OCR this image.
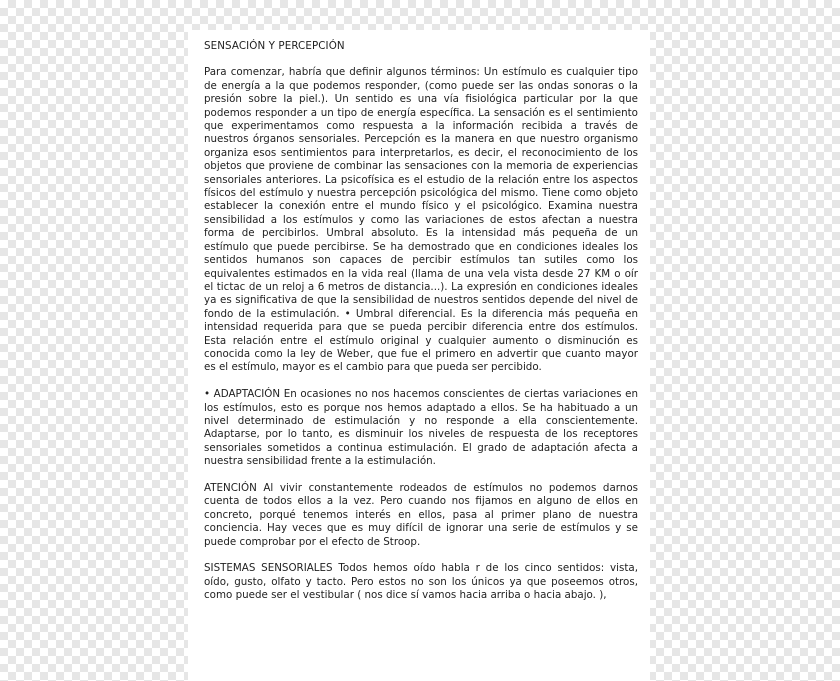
SENSACIÓN Y PERCEPCIÓN

Para comenzar, habría que definir algunos términos: Un estímulo es cualquier tipo de energía a la que podemos responder, (como puede ser las ondas sonoras o la presión sobre la piel.). Un sentido es una vía fisiológica particular por la que podemos responder a un tipo de energía específica. La sensación es el sentimiento que experimentamos como respuesta a la información recibida a través de nuestros órganos sensoriales. Percepción es la manera en que nuestro organismo organiza esos sentimientos para interpretarlos, es decir, el reconocimiento de los objetos que proviene de combinar las sensaciones con la memoria de experiencias sensoriales anteriores. La psicofísica es el estudio de la relación entre los aspectos físicos del estímulo y nuestra percepción psicológica del mismo. Tiene como objeto establecer la conexión entre el mundo físico y el psicológico. Examina nuestra sensibilidad a los estímulos y como las variaciones de estos afectan a nuestra forma de percibirlos. Umbral absoluto. Es la intensidad más pequeña de un estímulo que puede percibirse. Se ha demostrado que en condiciones ideales los sentidos humanos son capaces de percibir estímulos tan sutiles como los equivalentes estimados en la vida real (llama de una vela vista desde 27 KM o oír el tictac de un reloj a 6 metros de distancia...). La expresión en condiciones ideales ya es significativa de que la sensibilidad de nuestros sentidos depende del nivel de fondo de la estimulación. • Umbral diferencial. Es la diferencia más pequeña en intensidad requerida para que se pueda percibir diferencia entre dos estímulos. Esta relación entre el estímulo original y cualquier aumento o disminución es conocida como la ley de Weber, que fue el primero en advertir que cuanto mayor es el estímulo, mayor es el cambio para que pueda ser percibido.

• ADAPTACIÓN En ocasiones no nos hacemos conscientes de ciertas variaciones en los estímulos, esto es porque nos hemos adaptado a ellos. Se ha habituado a un nivel determinado de estimulación y no responde a ella conscientemente. Adaptarse, por lo tanto, es disminuir los niveles de respuesta de los receptores sensoriales sometidos a continua estimulación. El grado de adaptación afecta a nuestra sensibilidad frente a la estimulación.

ATENCIÓN Al vivir constantemente rodeados de estímulos no podemos darnos cuenta de todos ellos a la vez. Pero cuando nos fijamos en alguno de ellos en concreto, porqué tenemos interés en ellos, pasa al primer plano de nuestra conciencia. Hay veces que es muy difícil de ignorar una serie de estímulos y se puede comprobar por el efecto de Stroop.

SISTEMAS SENSORIALES Todos hemos oído habla r de los cinco sentidos: vista, oído, gusto, olfato y tacto. Pero estos no son los únicos ya que poseemos otros, como puede ser el vestibular ( nos dice sí vamos hacia arriba o hacia abajo. ),
